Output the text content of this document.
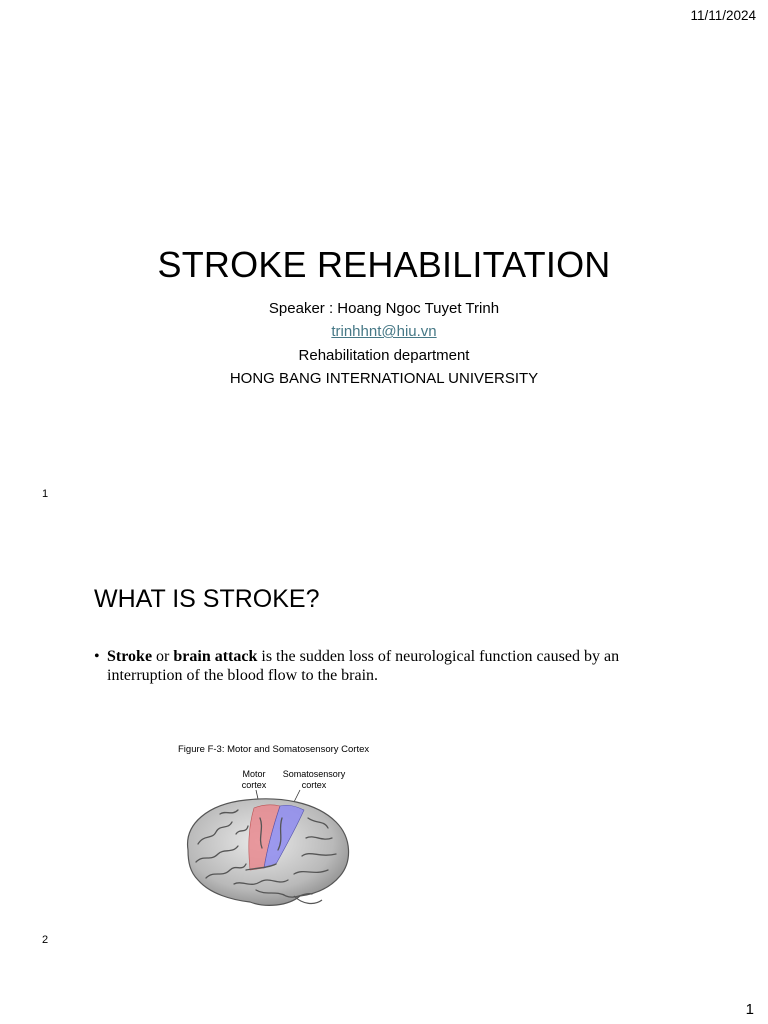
11/11/2024
STROKE REHABILITATION
Speaker : Hoang Ngoc Tuyet Trinh
trinhhnt@hiu.vn
Rehabilitation department
HONG BANG INTERNATIONAL UNIVERSITY
1
WHAT IS STROKE?
• Stroke or brain attack is the sudden loss of neurological function caused by an interruption of the blood flow to the brain.
Figure F-3: Motor and Somatosensory Cortex
Motor cortex
Somatosensory cortex
2
1
